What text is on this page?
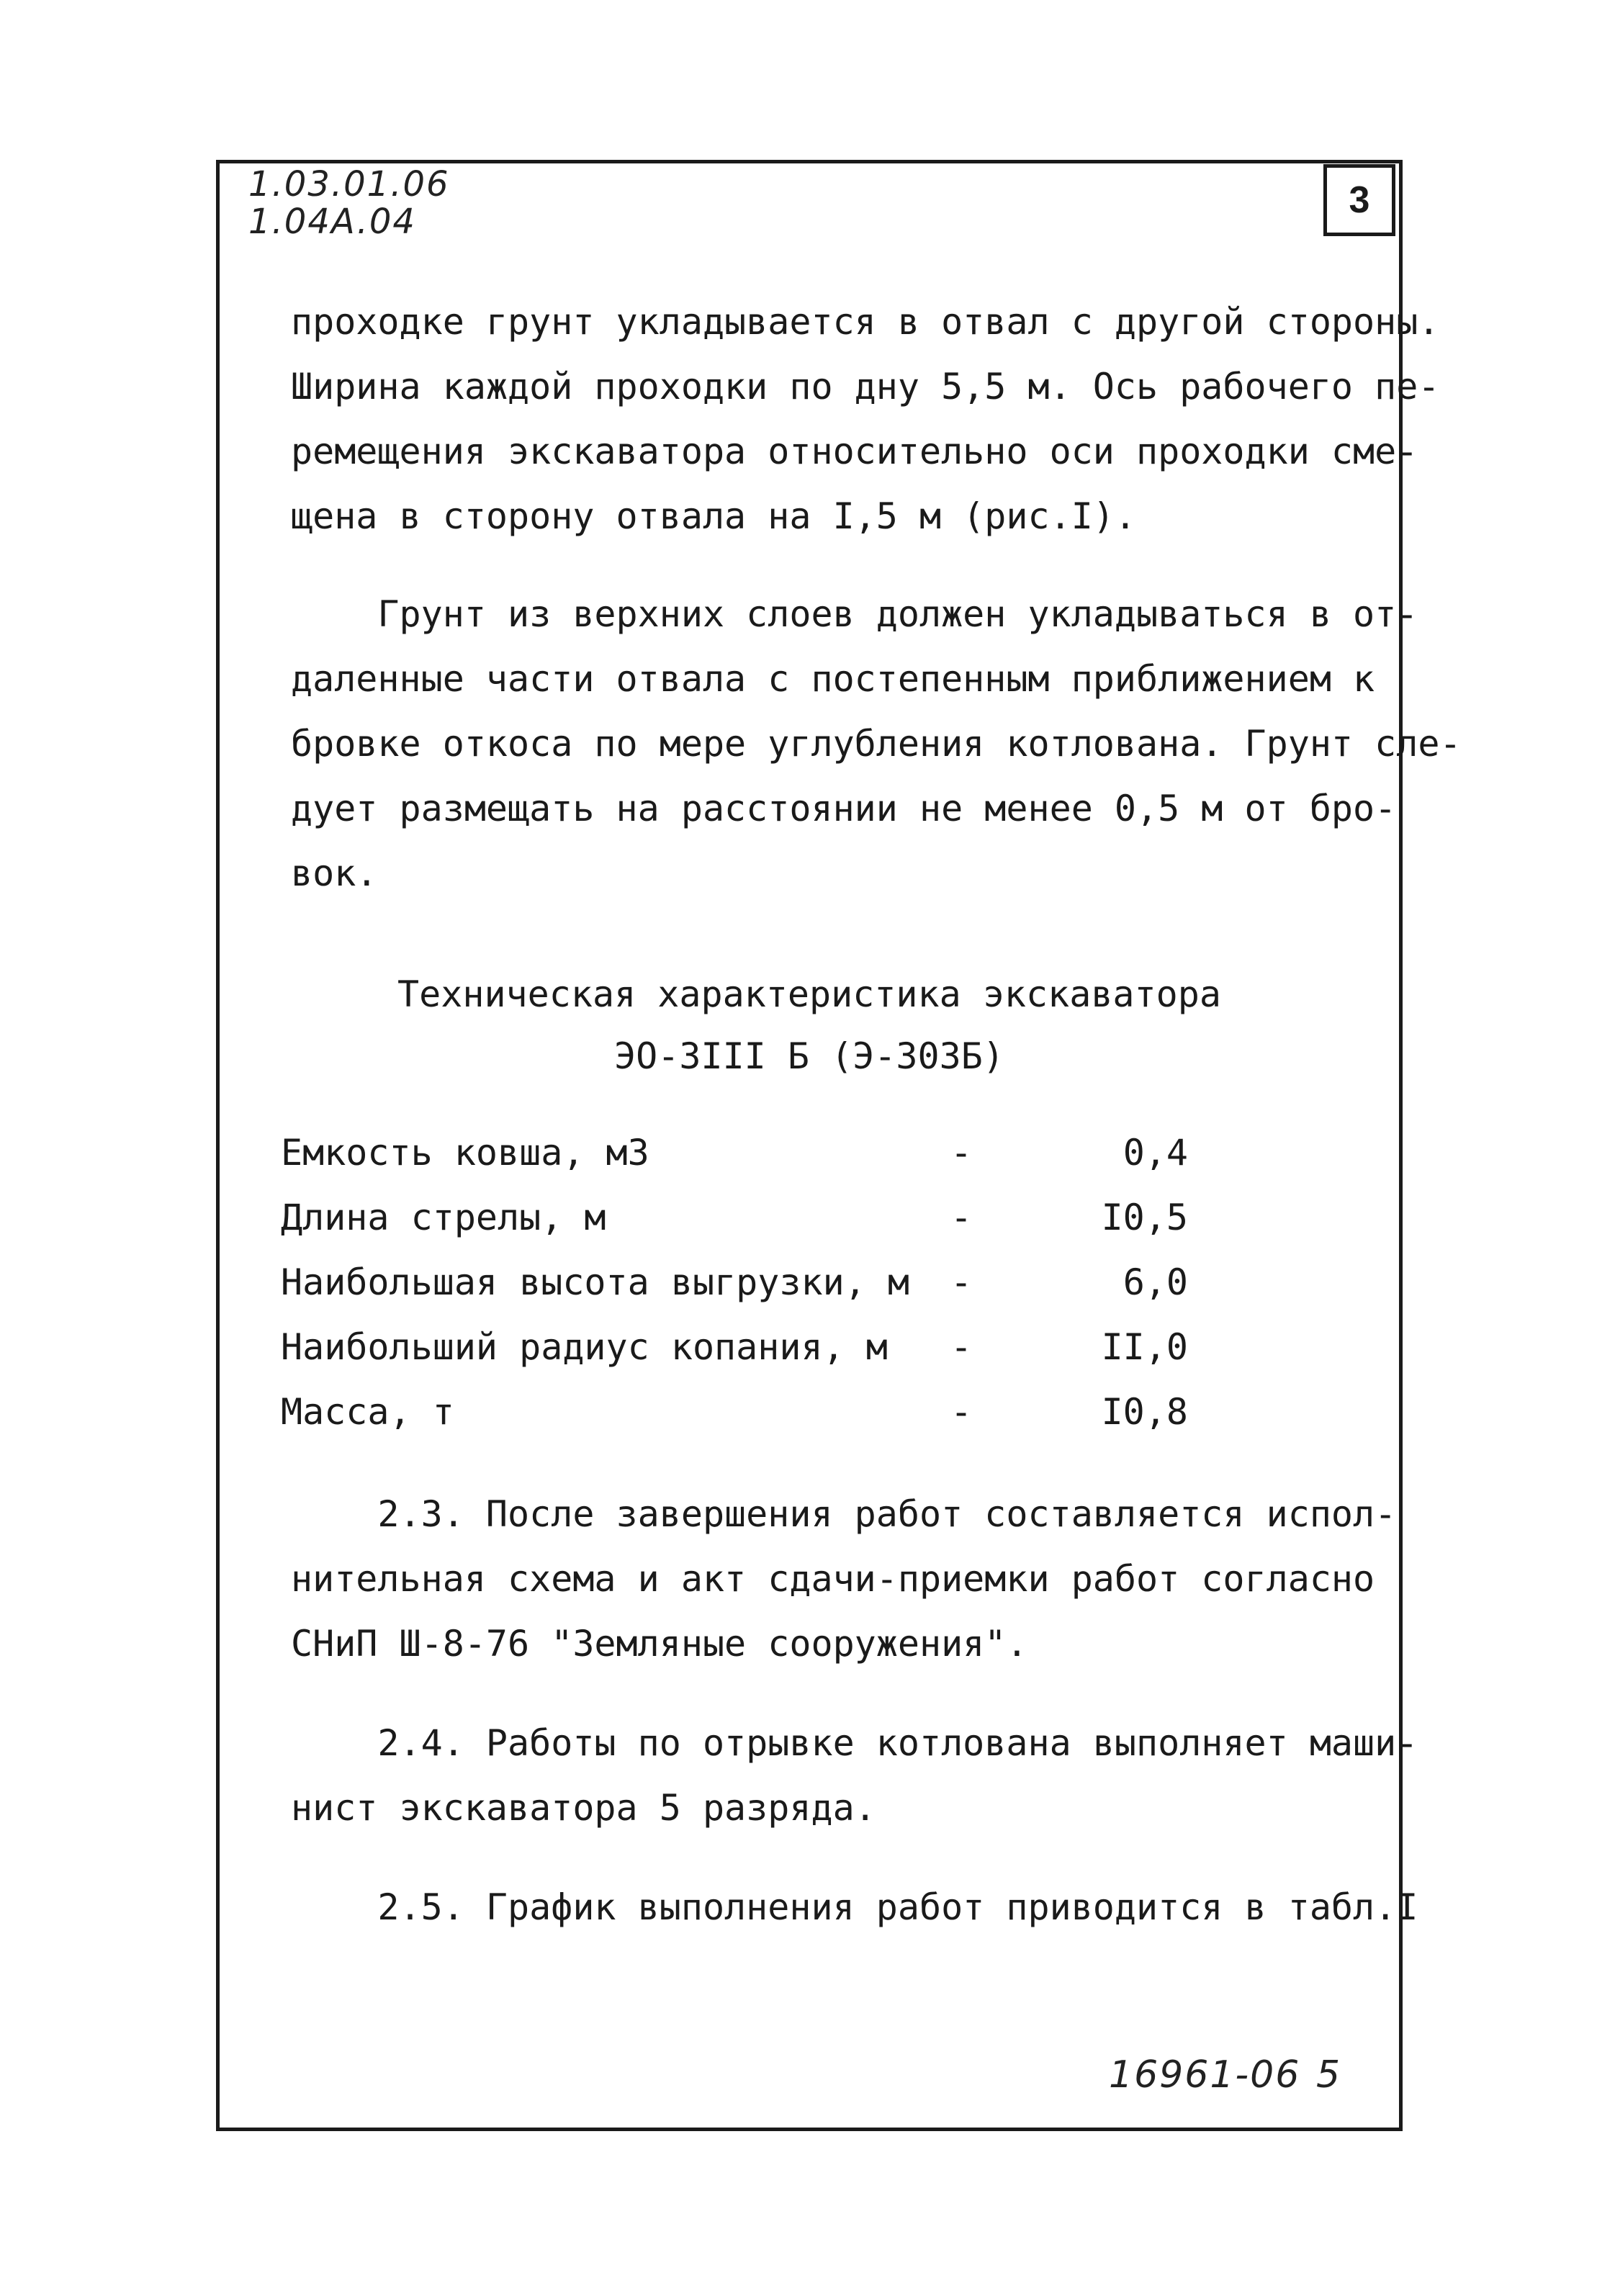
1.03.01.06
1.04A.04
3
проходке грунт укладывается в отвал с другой стороны.
Ширина каждой проходки по дну 5,5 м. Ось рабочего пе-
ремещения экскаватора относительно оси проходки сме-
щена в сторону отвала на I,5 м (рис.I).
Грунт из верхних слоев должен укладываться в от-
даленные части отвала с постепенным приближением к
бровке откоса по мере углубления котлована. Грунт сле-
дует размещать на расстоянии не менее 0,5 м от бро-
вок.
Техническая характеристика экскаватора
ЭО-3III Б (Э-303Б)
Емкость ковша, м3	-	0,4
Длина стрелы, м	-	I0,5
Наибольшая высота выгрузки, м -	6,0
Наибольший радиус копания, м -	II,0
Масса, т	-	I0,8
2.3. После завершения работ составляется испол-
нительная схема и акт сдачи-приемки работ согласно
СНиП Ш-8-76 "Земляные сооружения".
2.4. Работы по отрывке котлована выполняет маши-
нист экскаватора 5 разряда.
2.5. График выполнения работ приводится в табл.I
16961-06 5
